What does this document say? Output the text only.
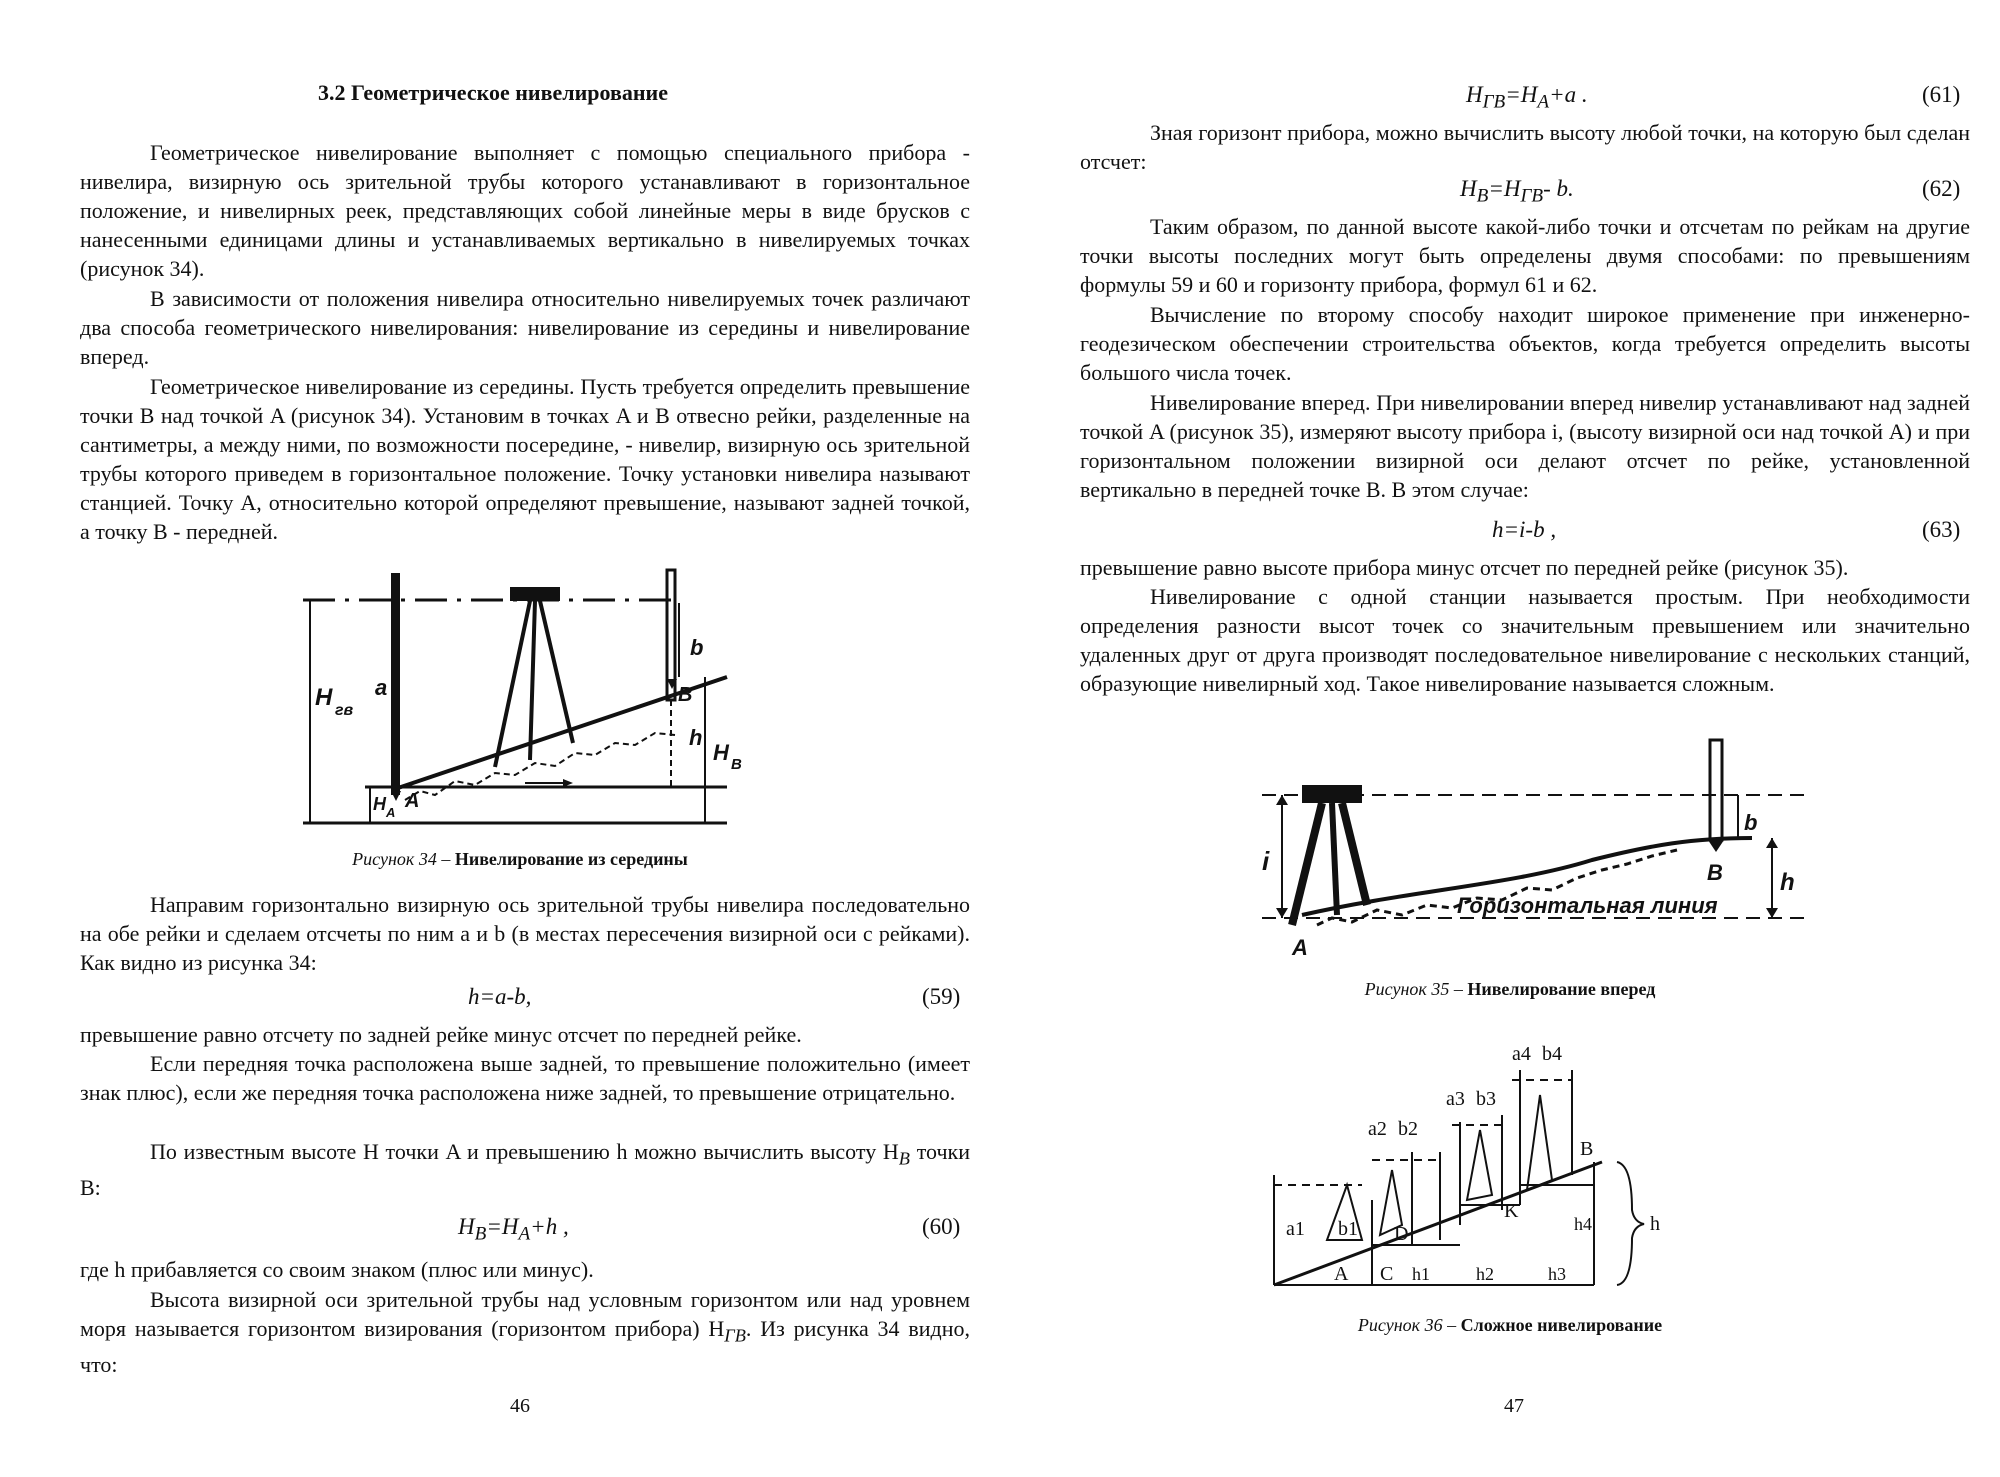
3.2 Геометрическое нивелирование

Геометрическое нивелирование выполняет с помощью специального прибора - нивелира, визирную ось зрительной трубы которого устанавливают в горизонтальное положение, и нивелирных реек, представляющих собой линейные меры в виде брусков с нанесенными единицами длины и устанавливаемых вертикально в нивелируемых точках (рисунок 34).

В зависимости от положения нивелира относительно нивелируемых точек различают два способа геометрического нивелирования: нивелирование из середины и нивелирование вперед.

Геометрическое нивелирование из середины. Пусть требуется определить превышение точки B над точкой A (рисунок 34). Установим в точках A и B отвесно рейки, разделенные на сантиметры, а между ними, по возможности посередине, - нивелир, визирную ось зрительной трубы которого приведем в горизонтальное положение. Точку установки нивелира называют станцией. Точку A, относительно которой определяют превышение, называют задней точкой, а точку B - передней.

a
b
h
H гв
H B
H A
A
B
Рисунок 34 – Нивелирование из середины

Направим горизонтально визирную ось зрительной трубы нивелира последовательно на обе рейки и сделаем отсчеты по ним a и b (в местах пересечения визирной оси с рейками). Как видно из рисунка 34:

h=a-b,	(59)

превышение равно отсчету по задней рейке минус отсчет по передней рейке.

Если передняя точка расположена выше задней, то превышение положительно (имеет знак плюс), если же передняя точка расположена ниже задней, то превышение отрицательно.

По известным высоте H точки A и превышению h можно вычислить высоту $H_B$ точки B:

$H_B=H_A+h$ ,	(60)

где h прибавляется со своим знаком (плюс или минус).

Высота визирной оси зрительной трубы над условным горизонтом или над уровнем моря называется горизонтом визирования (горизонтом прибора) $H_{ГВ}$. Из рисунка 34 видно, что:

46
$H_{ГВ}=H_A+a$ .	(61)

Зная горизонт прибора, можно вычислить высоту любой точки, на которую был сделан отсчет:

$H_B=H_{ГВ}-$ b.	(62)

Таким образом, по данной высоте какой-либо точки и отсчетам по рейкам на другие точки высоты последних могут быть определены двумя способами: по превышениям формулы 59 и 60 и горизонту прибора, формул 61 и 62.

Вычисление по второму способу находит широкое применение при инженерно-геодезическом обеспечении строительства объектов, когда требуется определить высоты большого числа точек.

Нивелирование вперед. При нивелировании вперед нивелир устанавливают над задней точкой A (рисунок 35), измеряют высоту прибора i, (высоту визирной оси над точкой A) и при горизонтальном положении визирной оси делают отсчет по рейке, установленной вертикально в передней точке B. В этом случае:

h=i-b ,	(63)

превышение равно высоте прибора минус отсчет по передней рейке (рисунок 35).

Нивелирование с одной станции называется простым. При необходимости определения разности высот точек со значительным превышением или значительно удаленных друг от друга производят последовательное нивелирование с нескольких станций, образующие нивелирный ход. Такое нивелирование называется сложным.

i
b
h
A
B
Горизонтальная линия
Рисунок 35 – Нивелирование вперед
a1 b1
a2 b2
a3 b3
a4 b4
A C
D
K
B
h1	h2	h3
h4	h
Рисунок 36 – Сложное нивелирование
47
